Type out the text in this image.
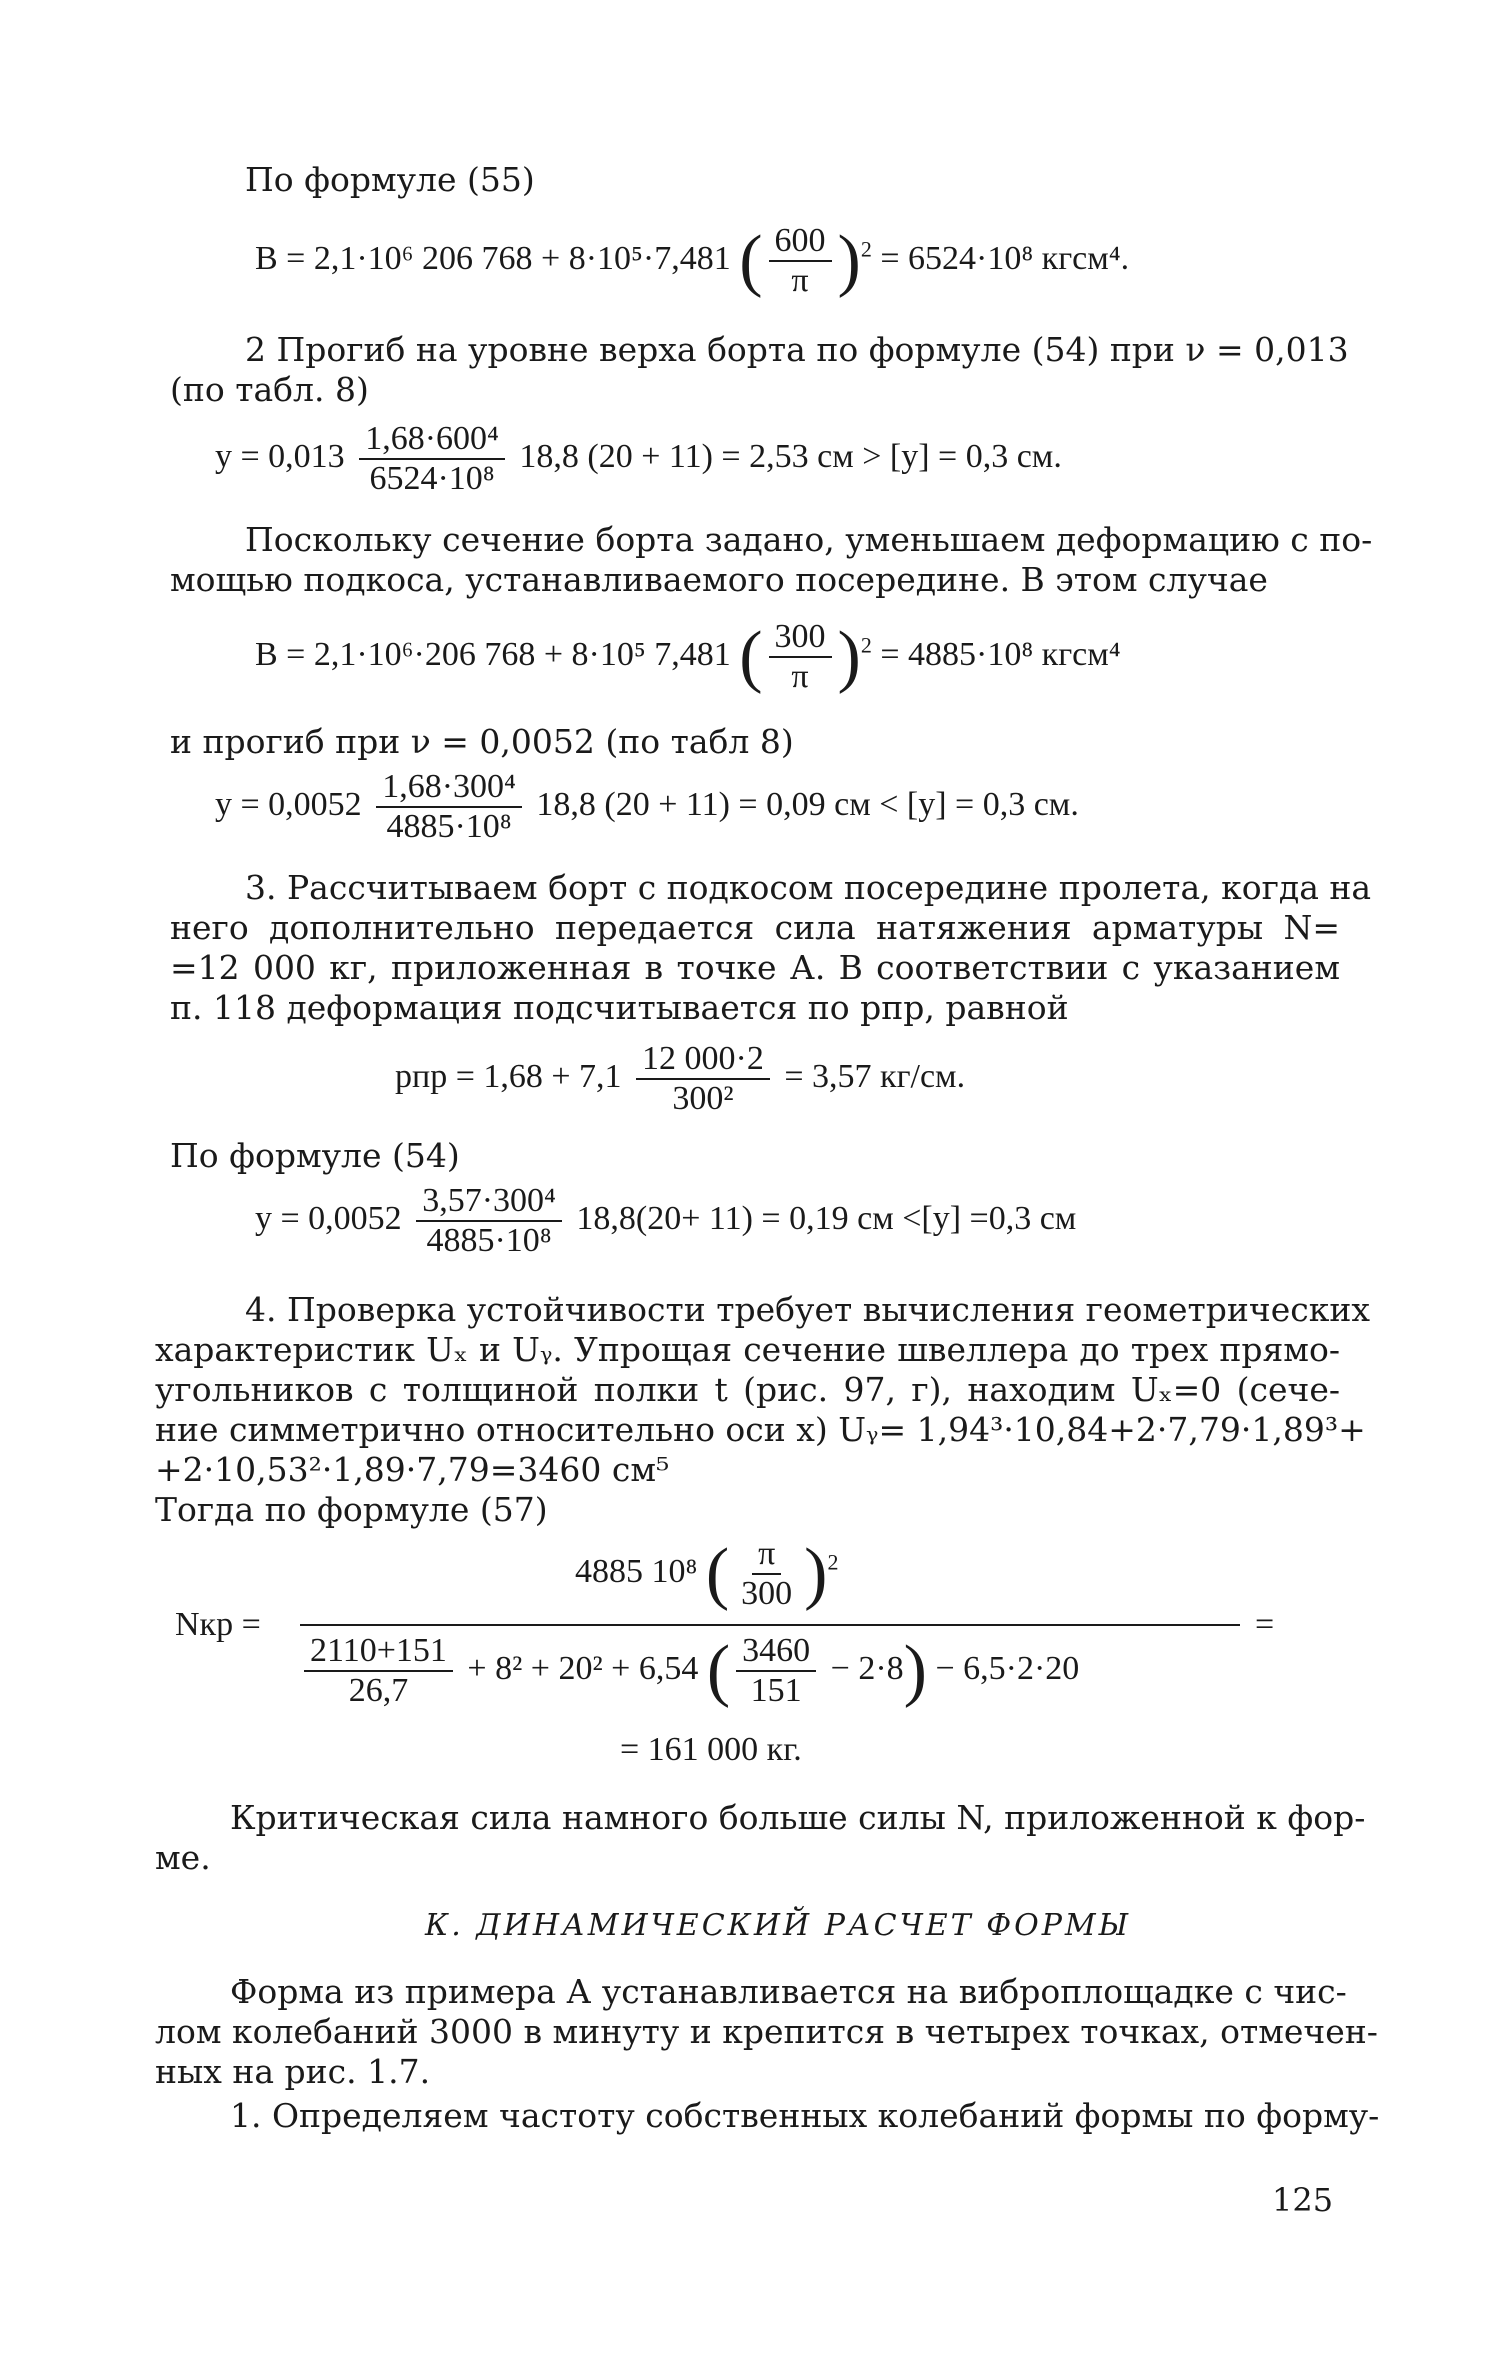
По формуле (55)
B = 2,1·10⁶ 206 768 + 8·10⁵·7,481 ( $\frac{600}{\pi} )^2 = 6524\cdot 10^8$ кгсм⁴.
2 Прогиб на уровне верха борта по формуле (54) при ν = 0,013
(по табл. 8)
$y = 0,013 \frac{\text{1,68·600⁴}}{\text{6524·10⁸}} 18,8$ (20 + 11) = 2,53 см > [y] = 0,3 см.
Поскольку сечение борта задано, уменьшаем деформацию с по-
мощью подкоса, устанавливаемого посередине. В этом случае
B = 2,1·10⁶·206 768 + 8·10⁵ 7,481 ( $\frac{300}{\pi} )^2 = 4885\cdot 10^8$ кгсм⁴
и прогиб при ν = 0,0052 (по табл 8)
$y = 0,0052 \frac{\text{1,68·300⁴}}{\text{4885·10⁸}} 18,8$ (20 + 11) = 0,09 см < [y] = 0,3 см.
3. Рассчитываем борт с подкосом посередине пролета, когда на
него дополнительно передается сила натяжения арматуры N=
=12 000 кг, приложенная в точке А. В соответствии с указанием
п. 118 деформация подсчитывается по pпр, равной
pпр = $1,68 + 7,1 \frac{12 000\cdot 2}{\text{300²}} = 3,57$ кг/см.
По формуле (54)
$y = 0,0052 \frac{\text{3,57·300⁴}}{\text{4885·10⁸}} 18,8(20+ 11) = 0,19$ см <[y] =0,3 см
4. Проверка устойчивости требует вычисления геометрических
характеристик Uₓ и Uᵧ. Упрощая сечение швеллера до трех прямо-
угольников с толщиной полки t (рис. 97, г), находим Uₓ=0 (сече-
ние симметрично относительно оси x) Uᵧ= 1,94³·10,84+2·7,79·1,89³+
+2·10,53²·1,89·7,79=3460 см⁵
Тогда по формуле (57)
4885 10⁸ ( $\frac{\pi}{300} )^2$
Nкр =	=
$\frac{2110+151}{26,7} + 8^2 + 20^2 + 6,54$ ( $\frac{3460}{151} - 2\cdot 8) - 6,5\cdot 2\cdot 20$
= 161 000 кг.
Критическая сила намного больше силы N, приложенной к фор-
ме.
К. ДИНАМИЧЕСКИЙ РАСЧЕТ ФОРМЫ
Форма из примера А устанавливается на виброплощадке с чис-
лом колебаний 3000 в минуту и крепится в четырех точках, отмечен-
ных на рис. 1.7.
1. Определяем частоту собственных колебаний формы по форму-
125
